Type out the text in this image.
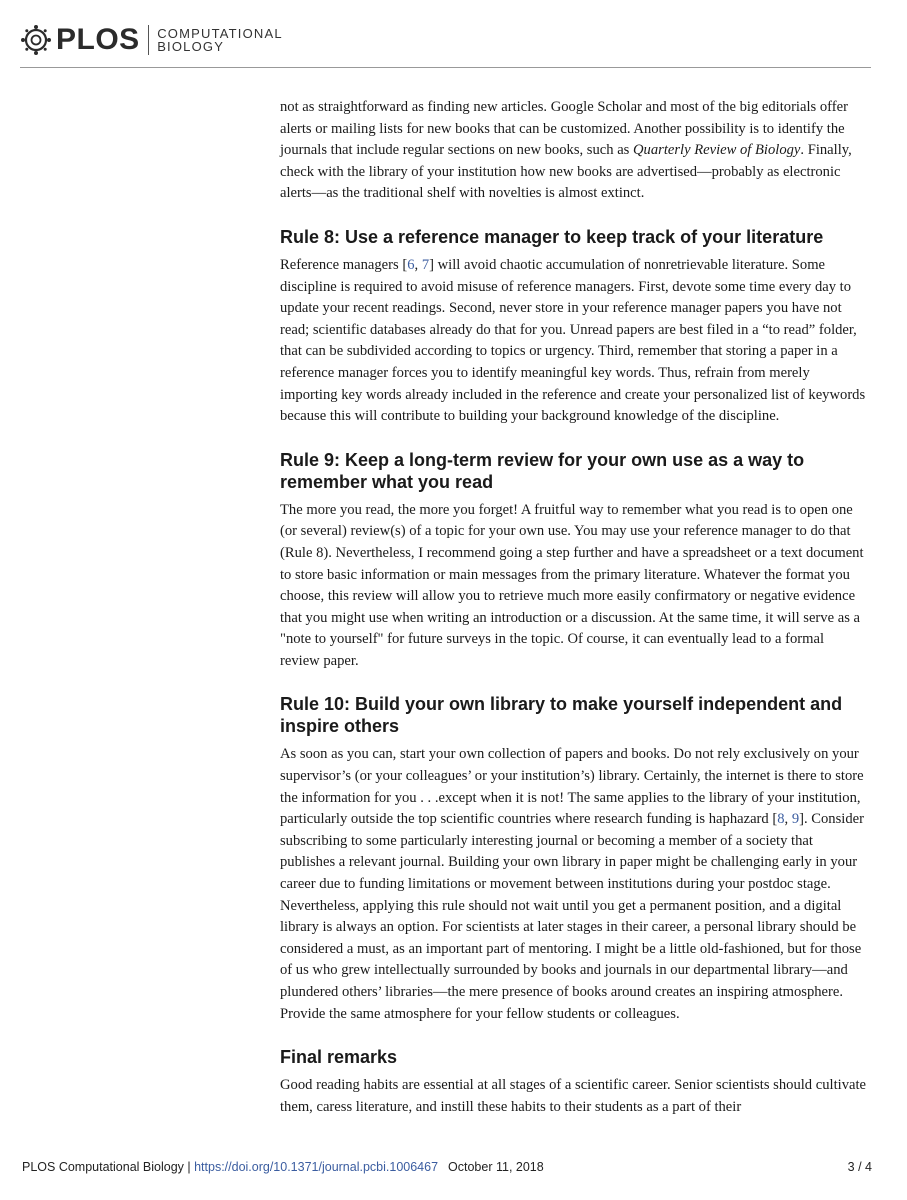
PLOS COMPUTATIONAL
BIOLOGY

not as straightforward as finding new articles. Google Scholar and most of the big editorials offer alerts or mailing lists for new books that can be customized. Another possibility is to identify the journals that include regular sections on new books, such as Quarterly Review of Biology. Finally, check with the library of your institution how new books are advertised—probably as electronic alerts—as the traditional shelf with novelties is almost extinct.

Rule 8: Use a reference manager to keep track of your literature

Reference managers [6, 7] will avoid chaotic accumulation of nonretrievable literature. Some discipline is required to avoid misuse of reference managers. First, devote some time every day to update your recent readings. Second, never store in your reference manager papers you have not read; scientific databases already do that for you. Unread papers are best filed in a “to read” folder, that can be subdivided according to topics or urgency. Third, remember that storing a paper in a reference manager forces you to identify meaningful key words. Thus, refrain from merely importing key words already included in the reference and create your personalized list of keywords because this will contribute to building your background knowledge of the discipline.

Rule 9: Keep a long-term review for your own use as a way to remember what you read

The more you read, the more you forget! A fruitful way to remember what you read is to open one (or several) review(s) of a topic for your own use. You may use your reference manager to do that (Rule 8). Nevertheless, I recommend going a step further and have a spreadsheet or a text document to store basic information or main messages from the primary literature. Whatever the format you choose, this review will allow you to retrieve much more easily confirmatory or negative evidence that you might use when writing an introduction or a discussion. At the same time, it will serve as a "note to yourself" for future surveys in the topic. Of course, it can eventually lead to a formal review paper.

Rule 10: Build your own library to make yourself independent and inspire others

As soon as you can, start your own collection of papers and books. Do not rely exclusively on your supervisor’s (or your colleagues’ or your institution’s) library. Certainly, the internet is there to store the information for you . . .except when it is not! The same applies to the library of your institution, particularly outside the top scientific countries where research funding is haphazard [8, 9]. Consider subscribing to some particularly interesting journal or becoming a member of a society that publishes a relevant journal. Building your own library in paper might be challenging early in your career due to funding limitations or movement between institutions during your postdoc stage. Nevertheless, applying this rule should not wait until you get a permanent position, and a digital library is always an option. For scientists at later stages in their career, a personal library should be considered a must, as an important part of mentoring. I might be a little old-fashioned, but for those of us who grew intellectually surrounded by books and journals in our departmental library—and plundered others’ libraries—the mere presence of books around creates an inspiring atmosphere. Provide the same atmosphere for your fellow students or colleagues.

Final remarks

Good reading habits are essential at all stages of a scientific career. Senior scientists should cultivate them, caress literature, and instill these habits to their students as a part of their

PLOS Computational Biology | https://doi.org/10.1371/journal.pcbi.1006467 October 11, 2018	3 / 4
